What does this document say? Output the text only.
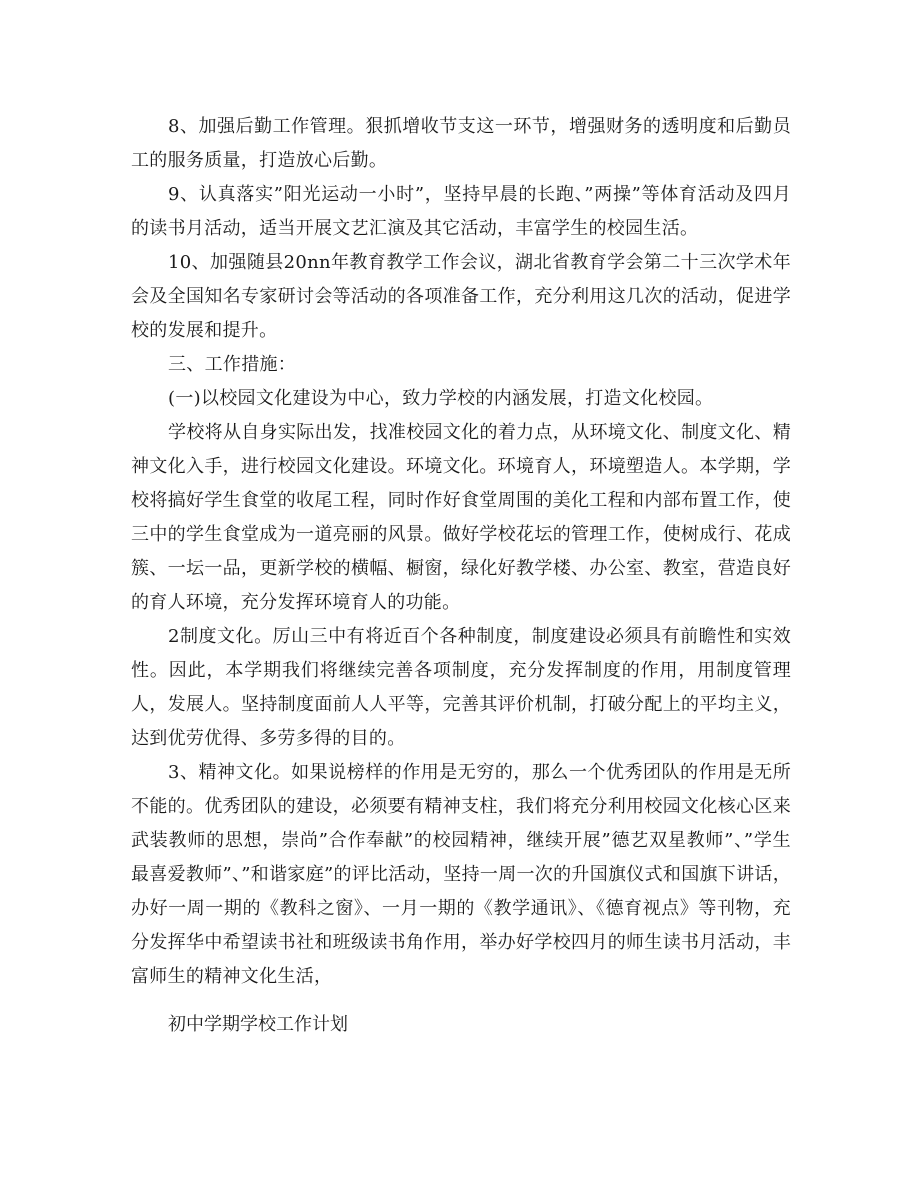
8、加强后勤工作管理。狠抓增收节支这一环节，增强财务的透明度和后勤员工的服务质量，打造放心后勤。

9、认真落实”阳光运动一小时”，坚持早晨的长跑、”两操”等体育活动及四月的读书月活动，适当开展文艺汇演及其它活动，丰富学生的校园生活。

10、加强随县20nn年教育教学工作会议，湖北省教育学会第二十三次学术年会及全国知名专家研讨会等活动的各项准备工作，充分利用这几次的活动，促进学校的发展和提升。

三、工作措施：

(一)以校园文化建设为中心，致力学校的内涵发展，打造文化校园。

学校将从自身实际出发，找准校园文化的着力点，从环境文化、制度文化、精神文化入手，进行校园文化建设。环境文化。环境育人，环境塑造人。本学期，学校将搞好学生食堂的收尾工程，同时作好食堂周围的美化工程和内部布置工作，使三中的学生食堂成为一道亮丽的风景。做好学校花坛的管理工作，使树成行、花成簇、一坛一品，更新学校的横幅、橱窗，绿化好教学楼、办公室、教室，营造良好的育人环境，充分发挥环境育人的功能。

2制度文化。厉山三中有将近百个各种制度，制度建设必须具有前瞻性和实效性。因此，本学期我们将继续完善各项制度，充分发挥制度的作用，用制度管理人，发展人。坚持制度面前人人平等，完善其评价机制，打破分配上的平均主义，达到优劳优得、多劳多得的目的。

3、精神文化。如果说榜样的作用是无穷的，那么一个优秀团队的作用是无所不能的。优秀团队的建设，必须要有精神支柱，我们将充分利用校园文化核心区来武装教师的思想，崇尚”合作奉献”的校园精神，继续开展”德艺双星教师”、”学生最喜爱教师”、”和谐家庭”的评比活动，坚持一周一次的升国旗仪式和国旗下讲话，办好一周一期的《教科之窗》、一月一期的《教学通讯》、《德育视点》等刊物，充分发挥华中希望读书社和班级读书角作用，举办好学校四月的师生读书月活动，丰富师生的精神文化生活，

初中学期学校工作计划
